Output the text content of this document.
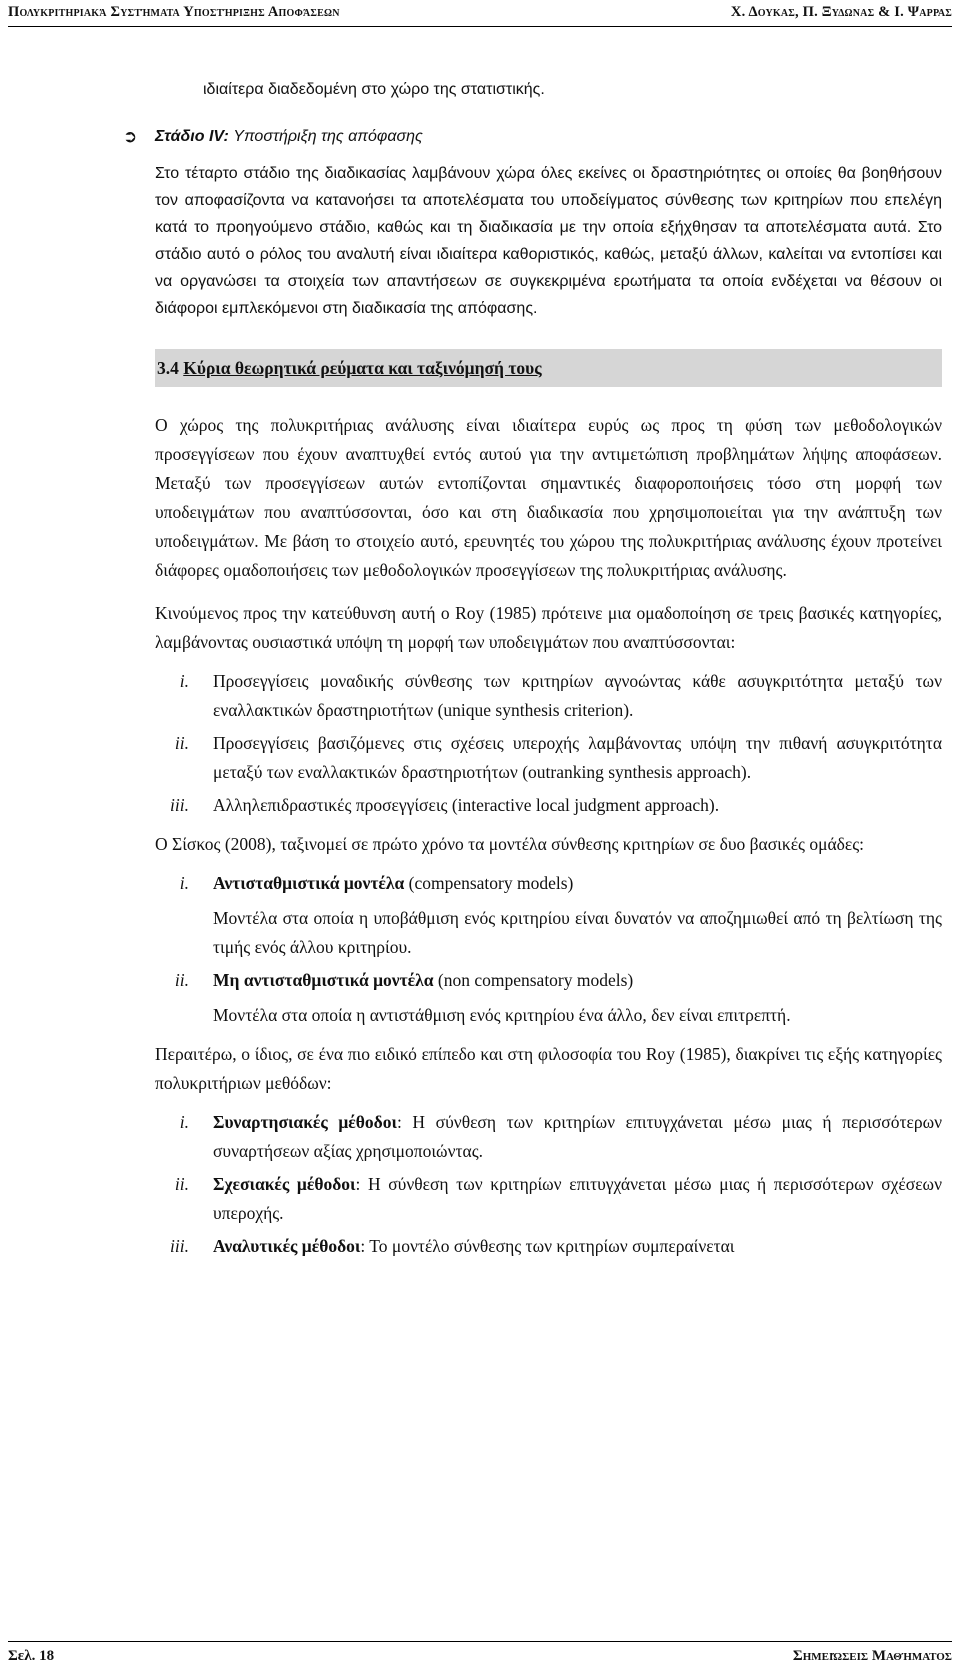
Πολυκριτηριακά Συστήματα Υποστήριξης Αποφάσεων	Χ. Δουκας, Π. Ξυδωνας & Ι. Ψαρρας
ιδιαίτερα διαδεδομένη στο χώρο της στατιστικής.
➲ Στάδιο IV: Υποστήριξη της απόφασης

Στο τέταρτο στάδιο της διαδικασίας λαμβάνουν χώρα όλες εκείνες οι δραστηριότητες οι οποίες θα βοηθήσουν τον αποφασίζοντα να κατανοήσει τα αποτελέσματα του υποδείγματος σύνθεσης των κριτηρίων που επελέγη κατά το προηγούμενο στάδιο, καθώς και τη διαδικασία με την οποία εξήχθησαν τα αποτελέσματα αυτά. Στο στάδιο αυτό ο ρόλος του αναλυτή είναι ιδιαίτερα καθοριστικός, καθώς, μεταξύ άλλων, καλείται να εντοπίσει και να οργανώσει τα στοιχεία των απαντήσεων σε συγκεκριμένα ερωτήματα τα οποία ενδέχεται να θέσουν οι διάφοροι εμπλεκόμενοι στη διαδικασία της απόφασης.

3.4 Κύρια θεωρητικά ρεύματα και ταξινόμησή τους

Ο χώρος της πολυκριτήριας ανάλυσης είναι ιδιαίτερα ευρύς ως προς τη φύση των μεθοδολογικών προσεγγίσεων που έχουν αναπτυχθεί εντός αυτού για την αντιμετώπιση προβλημάτων λήψης αποφάσεων. Μεταξύ των προσεγγίσεων αυτών εντοπίζονται σημαντικές διαφοροποιήσεις τόσο στη μορφή των υποδειγμάτων που αναπτύσσονται, όσο και στη διαδικασία που χρησιμοποιείται για την ανάπτυξη των υποδειγμάτων. Με βάση το στοιχείο αυτό, ερευνητές του χώρου της πολυκριτήριας ανάλυσης έχουν προτείνει διάφορες ομαδοποιήσεις των μεθοδολογικών προσεγγίσεων της πολυκριτήριας ανάλυσης.

Κινούμενος προς την κατεύθυνση αυτή ο Roy (1985) πρότεινε μια ομαδοποίηση σε τρεις βασικές κατηγορίες, λαμβάνοντας ουσιαστικά υπόψη τη μορφή των υποδειγμάτων που αναπτύσσονται:

i. Προσεγγίσεις μοναδικής σύνθεσης των κριτηρίων αγνοώντας κάθε ασυγκριτότητα μεταξύ των εναλλακτικών δραστηριοτήτων (unique synthesis criterion).
ii. Προσεγγίσεις βασιζόμενες στις σχέσεις υπεροχής λαμβάνοντας υπόψη την πιθανή ασυγκριτότητα μεταξύ των εναλλακτικών δραστηριοτήτων (outranking synthesis approach).
iii. Αλληλεπιδραστικές προσεγγίσεις (interactive local judgment approach).

Ο Σίσκος (2008), ταξινομεί σε πρώτο χρόνο τα μοντέλα σύνθεσης κριτηρίων σε δυο βασικές ομάδες:

i. Αντισταθμιστικά μοντέλα (compensatory models)
Μοντέλα στα οποία η υποβάθμιση ενός κριτηρίου είναι δυνατόν να αποζημιωθεί από τη βελτίωση της τιμής ενός άλλου κριτηρίου.
ii. Μη αντισταθμιστικά μοντέλα (non compensatory models)
Μοντέλα στα οποία η αντιστάθμιση ενός κριτηρίου ένα άλλο, δεν είναι επιτρεπτή.

Περαιτέρω, ο ίδιος, σε ένα πιο ειδικό επίπεδο και στη φιλοσοφία του Roy (1985), διακρίνει τις εξής κατηγορίες πολυκριτήριων μεθόδων:

i. Συναρτησιακές μέθοδοι: Η σύνθεση των κριτηρίων επιτυγχάνεται μέσω μιας ή περισσότερων συναρτήσεων αξίας χρησιμοποιώντας.
ii. Σχεσιακές μέθοδοι: Η σύνθεση των κριτηρίων επιτυγχάνεται μέσω μιας ή περισσότερων σχέσεων υπεροχής.
iii. Αναλυτικές μέθοδοι: Το μοντέλο σύνθεσης των κριτηρίων συμπεραίνεται
Σελ. 18	Σημειώσεις Μαθήματος
